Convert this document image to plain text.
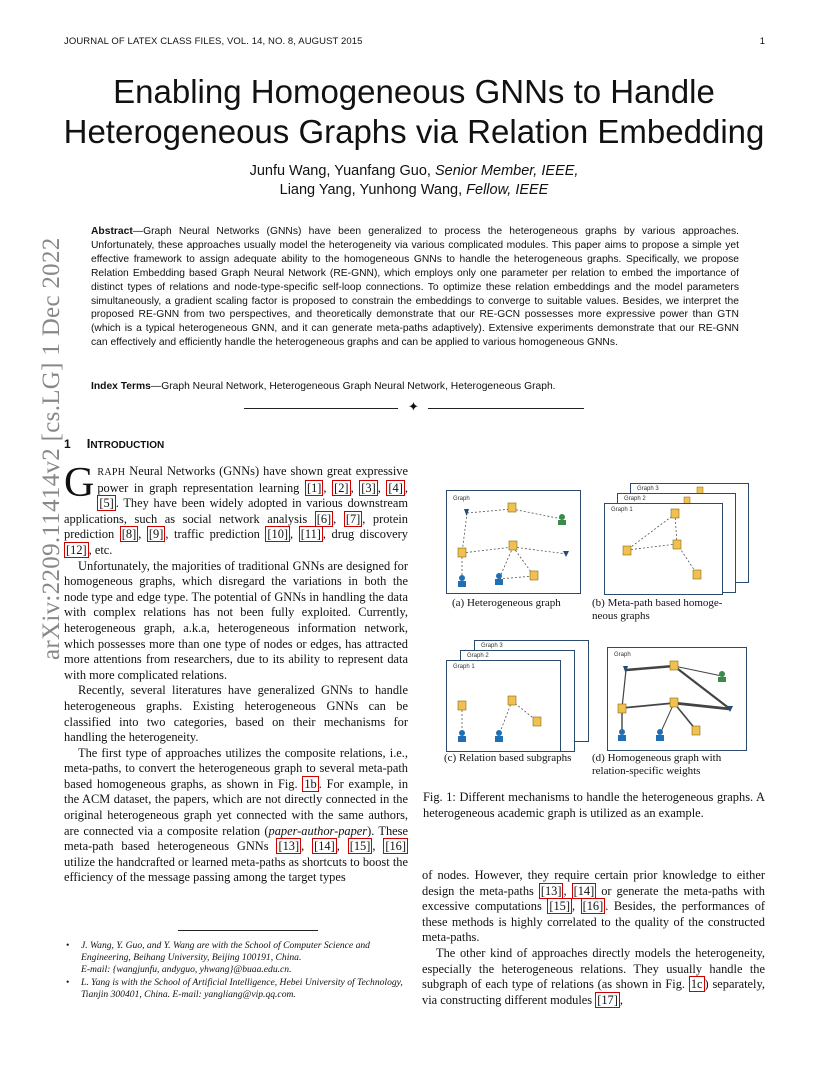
JOURNAL OF LATEX CLASS FILES, VOL. 14, NO. 8, AUGUST 2015	1
arXiv:2209.11414v2 [cs.LG] 1 Dec 2022
Enabling Homogeneous GNNs to Handle
Heterogeneous Graphs via Relation Embedding
Junfu Wang, Yuanfang Guo, Senior Member, IEEE,
Liang Yang, Yunhong Wang, Fellow, IEEE
Abstract—Graph Neural Networks (GNNs) have been generalized to process the heterogeneous graphs by various approaches. Unfortunately, these approaches usually model the heterogeneity via various complicated modules. This paper aims to propose a simple yet effective framework to assign adequate ability to the homogeneous GNNs to handle the heterogeneous graphs. Specifically, we propose Relation Embedding based Graph Neural Network (RE-GNN), which employs only one parameter per relation to embed the importance of distinct types of relations and node-type-specific self-loop connections. To optimize these relation embeddings and the model parameters simultaneously, a gradient scaling factor is proposed to constrain the embeddings to converge to suitable values. Besides, we interpret the proposed RE-GNN from two perspectives, and theoretically demonstrate that our RE-GCN possesses more expressive power than GTN (which is a typical heterogeneous GNN, and it can generate meta-paths adaptively). Extensive experiments demonstrate that our RE-GNN can effectively and efficiently handle the heterogeneous graphs and can be applied to various homogeneous GNNs.
Index Terms—Graph Neural Network, Heterogeneous Graph Neural Network, Heterogeneous Graph.
✦
1 INTRODUCTION

GRAPH Neural Networks (GNNs) have shown great expressive power in graph representation learning [1] , [2] , [3] , [4] , [5] . They have been widely adopted in various downstream applications, such as social network analysis [6] , [7] , protein prediction [8] , [9] , traffic prediction [10] , [11] , drug discovery [12] , etc.

Unfortunately, the majorities of traditional GNNs are designed for homogeneous graphs, which disregard the variations in both the node type and edge type. The potential of GNNs in handling the data with complex relations has not been fully exploited. Currently, heterogeneous graph, a.k.a, heterogeneous information network, which possesses more than one type of nodes or edges, has attracted more attentions from researchers, due to its ability to represent data with more complicated relations.

Recently, several literatures have generalized GNNs to handle heterogeneous graphs. Existing heterogeneous GNNs can be classified into two categories, based on their mechanisms for handling the heterogeneity.

The first type of approaches utilizes the composite relations, i.e., meta-paths, to convert the heterogeneous graph to several meta-path based homogeneous graphs, as shown in Fig. 1b . For example, in the ACM dataset, the papers, which are not directly connected in the original heterogeneous graph yet connected with the same authors, are connected via a composite relation (paper-author-paper). These meta-path based heterogeneous GNNs [13] , [14] , [15] , [16] utilize the handcrafted or learned meta-paths as shortcuts to boost the efficiency of the message passing among the target types

• J. Wang, Y. Guo, and Y. Wang are with the School of Computer Science and Engineering, Beihang University, Beijing 100191, China.
E-mail: {wangjunfu, andyguo, yhwang}@buaa.edu.cn.
• L. Yang is with the School of Artificial Intelligence, Hebei University of Technology, Tianjin 300401, China. E-mail: yangliang@vip.qq.com.
Graph
(a) Heterogeneous graph
Graph 3
Graph 2
Graph 1
(b) Meta-path based homoge-
neous graphs
Graph 3
Graph 2
Graph 1
(c) Relation based subgraphs
Graph
(d) Homogeneous graph with
relation-specific weights
Fig. 1: Different mechanisms to handle the heterogeneous graphs. A heterogeneous academic graph is utilized as an example.

of nodes. However, they require certain prior knowledge to either design the meta-paths [13] , [14] or generate the meta-paths with excessive computations [15] , [16] . Besides, the performances of these methods is highly correlated to the quality of the constructed meta-paths.

The other kind of approaches directly models the heterogeneity, especially the heterogeneous relations. They usually handle the subgraph of each type of relations (as shown in Fig. 1c ) separately, via constructing different modules [17] ,
